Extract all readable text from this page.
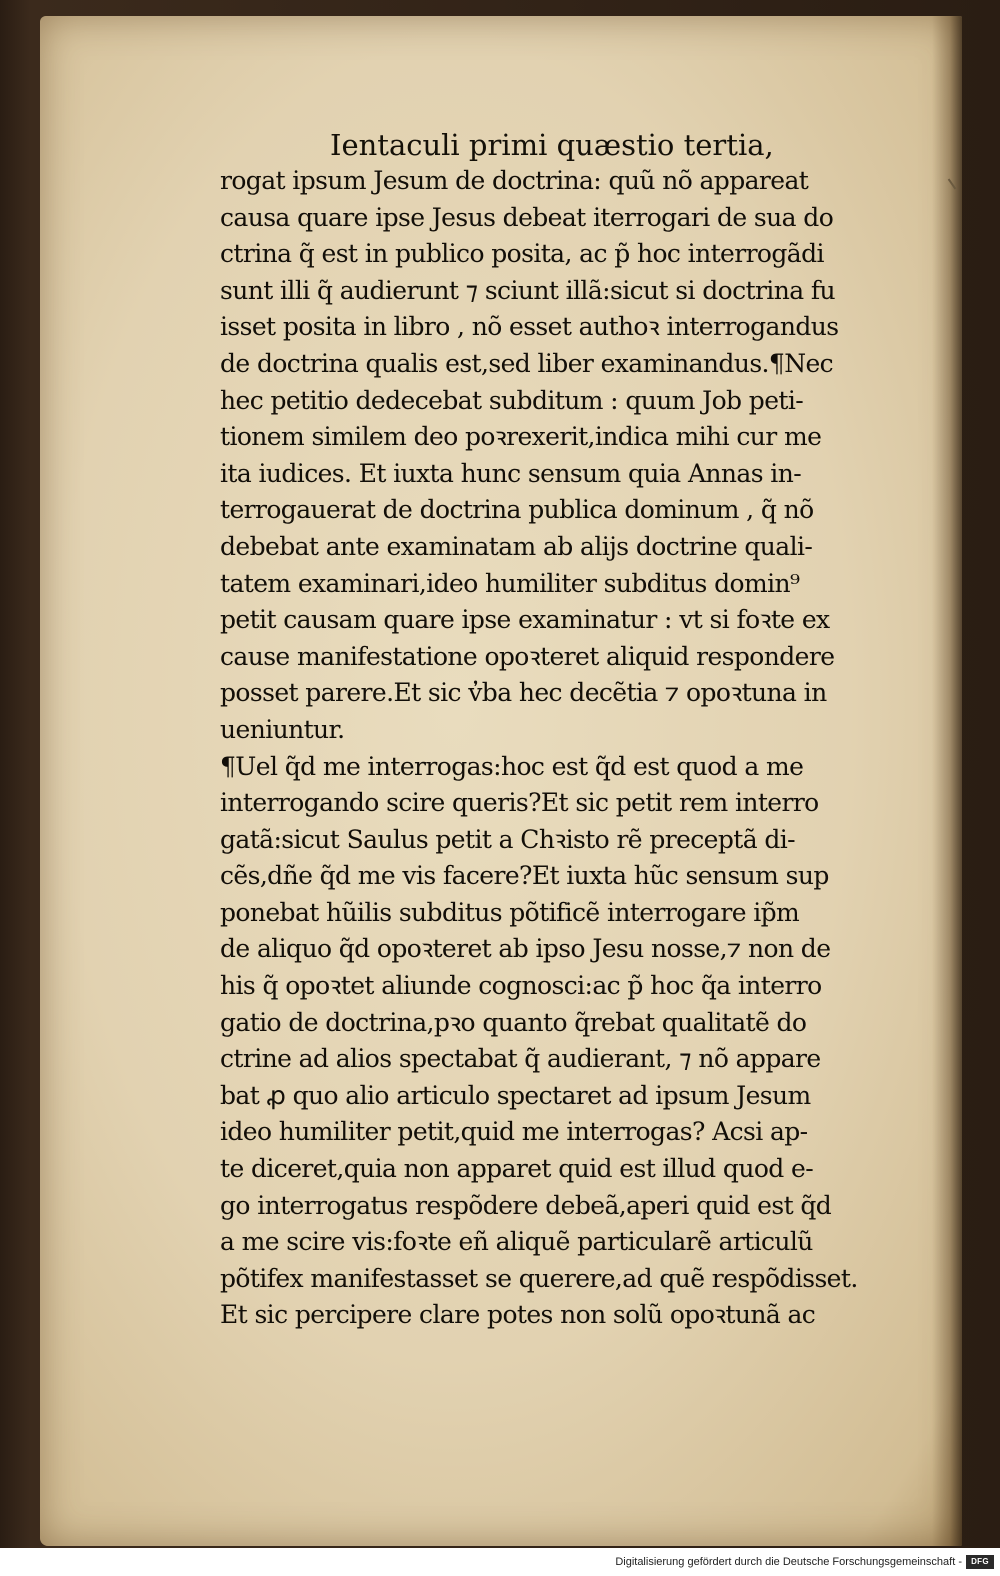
Ientaculi primi quæstio tertia,
rogat ipsum Jesum de doctrina: quũ nõ appareat
causa quare ipse Jesus debeat iterrogari de sua do
ctrina q̃ est in publico posita, ac p̃ hoc interrogãdi
sunt illi q̃ audierunt ⁊ sciunt illã:sicut si doctrina fu
isset posita in libro , nõ esset authoꝛ interrogandus
de doctrina qualis est,sed liber examinandus.¶Nec
hec petitio dedecebat subditum : quum Job peti-
tionem similem deo poꝛrexerit,indica mihi cur me
ita iudices. Et iuxta hunc sensum quia Annas in-
terrogauerat de doctrina publica dominum , q̃ nõ
debebat ante examinatam ab alijs doctrine quali-
tatem examinari,ideo humiliter subditus domin⁹
petit causam quare ipse examinatur : vt si foꝛte ex
cause manifestatione opoꝛteret aliquid respondere
posset parere.Et sic v̓ba hec decẽtia ⁊ opoꝛtuna in
ueniuntur.
¶Uel q̃d me interrogas:hoc est q̃d est quod a me
interrogando scire queris?Et sic petit rem interro
gatã:sicut Saulus petit a Chꝛisto rẽ preceptã di-
cẽs,dñe q̃d me vis facere?Et iuxta hũc sensum sup
ponebat hũilis subditus põtificẽ interrogare ip̃m
de aliquo q̃d opoꝛteret ab ipso Jesu nosse,⁊ non de
his q̃ opoꝛtet aliunde cognosci:ac p̃ hoc q̃a interro
gatio de doctrina,pꝛo quanto q̃rebat qualitatẽ do
ctrine ad alios spectabat q̃ audierant, ⁊ nõ appare
bat ꝓ quo alio articulo spectaret ad ipsum Jesum
ideo humiliter petit,quid me interrogas? Acsi ap-
te diceret,quia non apparet quid est illud quod e-
go interrogatus respõdere debeã,aperi quid est q̃d
a me scire vis:foꝛte eñ aliquẽ particularẽ articulũ
põtifex manifestasset se querere,ad quẽ respõdisset.
Et sic percipere clare potes non solũ opoꝛtunã ac
Digitalisierung gefördert durch die Deutsche Forschungsgemeinschaft -	DFG
